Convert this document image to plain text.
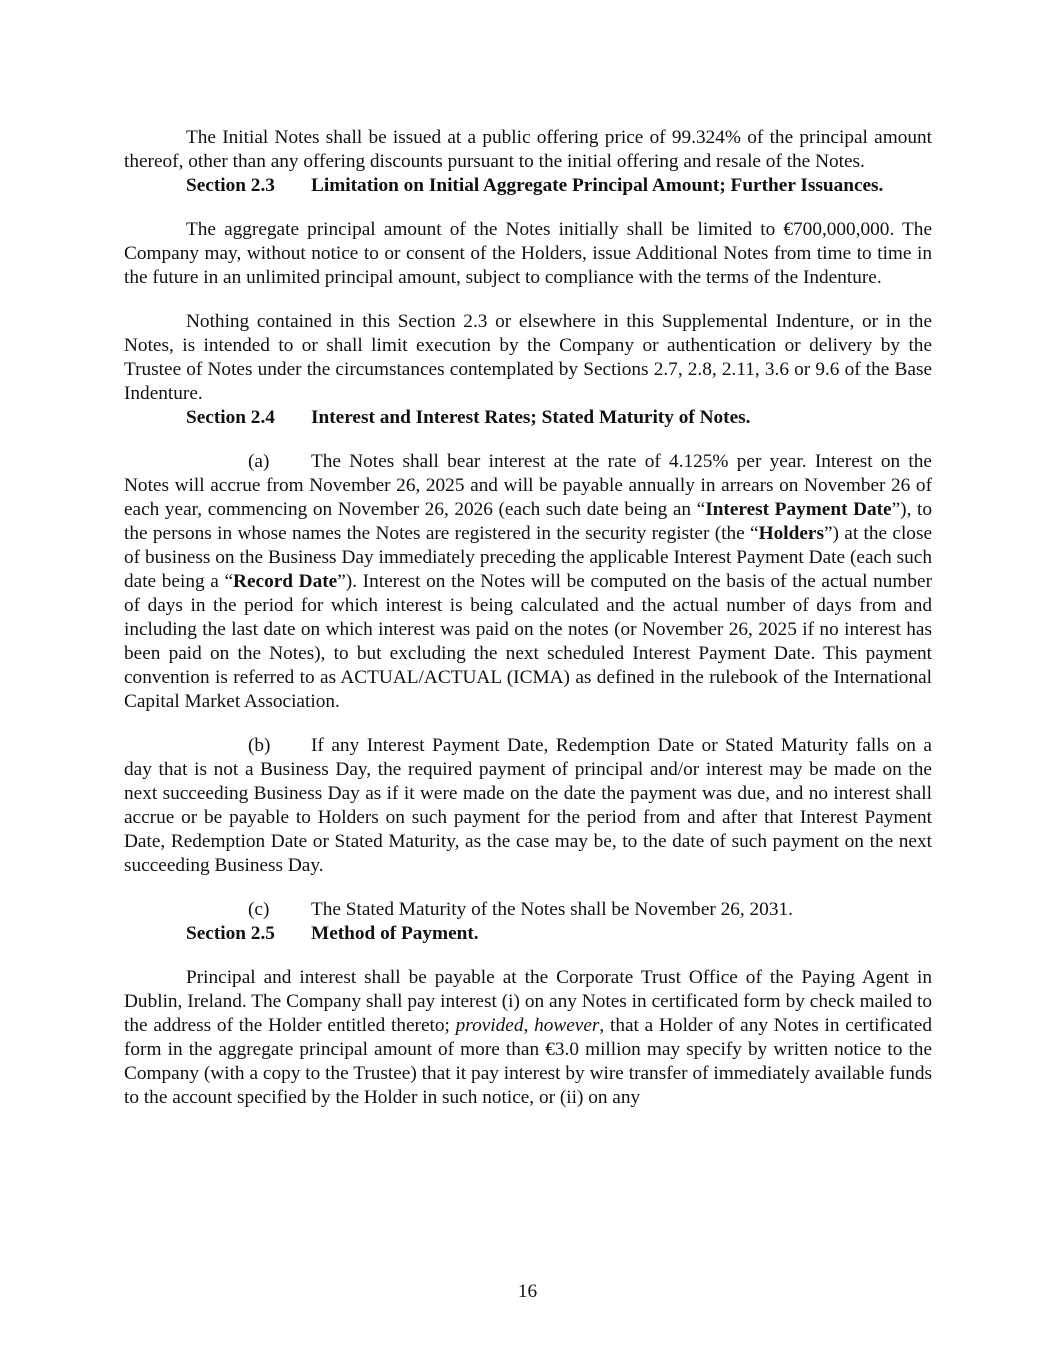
The Initial Notes shall be issued at a public offering price of 99.324% of the principal amount thereof, other than any offering discounts pursuant to the initial offering and resale of the Notes.

Section 2.3 Limitation on Initial Aggregate Principal Amount; Further Issuances.

The aggregate principal amount of the Notes initially shall be limited to €700,000,000. The Company may, without notice to or consent of the Holders, issue Additional Notes from time to time in the future in an unlimited principal amount, subject to compliance with the terms of the Indenture.

Nothing contained in this Section 2.3 or elsewhere in this Supplemental Indenture, or in the Notes, is intended to or shall limit execution by the Company or authentication or delivery by the Trustee of Notes under the circumstances contemplated by Sections 2.7, 2.8, 2.11, 3.6 or 9.6 of the Base Indenture.

Section 2.4 Interest and Interest Rates; Stated Maturity of Notes.

(a) The Notes shall bear interest at the rate of 4.125% per year. Interest on the Notes will accrue from November 26, 2025 and will be payable annually in arrears on November 26 of each year, commencing on November 26, 2026 (each such date being an “Interest Payment Date”), to the persons in whose names the Notes are registered in the security register (the “Holders”) at the close of business on the Business Day immediately preceding the applicable Interest Payment Date (each such date being a “Record Date”). Interest on the Notes will be computed on the basis of the actual number of days in the period for which interest is being calculated and the actual number of days from and including the last date on which interest was paid on the notes (or November 26, 2025 if no interest has been paid on the Notes), to but excluding the next scheduled Interest Payment Date. This payment convention is referred to as ACTUAL/ACTUAL (ICMA) as defined in the rulebook of the International Capital Market Association.

(b) If any Interest Payment Date, Redemption Date or Stated Maturity falls on a day that is not a Business Day, the required payment of principal and/or interest may be made on the next succeeding Business Day as if it were made on the date the payment was due, and no interest shall accrue or be payable to Holders on such payment for the period from and after that Interest Payment Date, Redemption Date or Stated Maturity, as the case may be, to the date of such payment on the next succeeding Business Day.

(c) The Stated Maturity of the Notes shall be November 26, 2031.

Section 2.5 Method of Payment.

Principal and interest shall be payable at the Corporate Trust Office of the Paying Agent in Dublin, Ireland. The Company shall pay interest (i) on any Notes in certificated form by check mailed to the address of the Holder entitled thereto; provided, however, that a Holder of any Notes in certificated form in the aggregate principal amount of more than €3.0 million may specify by written notice to the Company (with a copy to the Trustee) that it pay interest by wire transfer of immediately available funds to the account specified by the Holder in such notice, or (ii) on any

16
